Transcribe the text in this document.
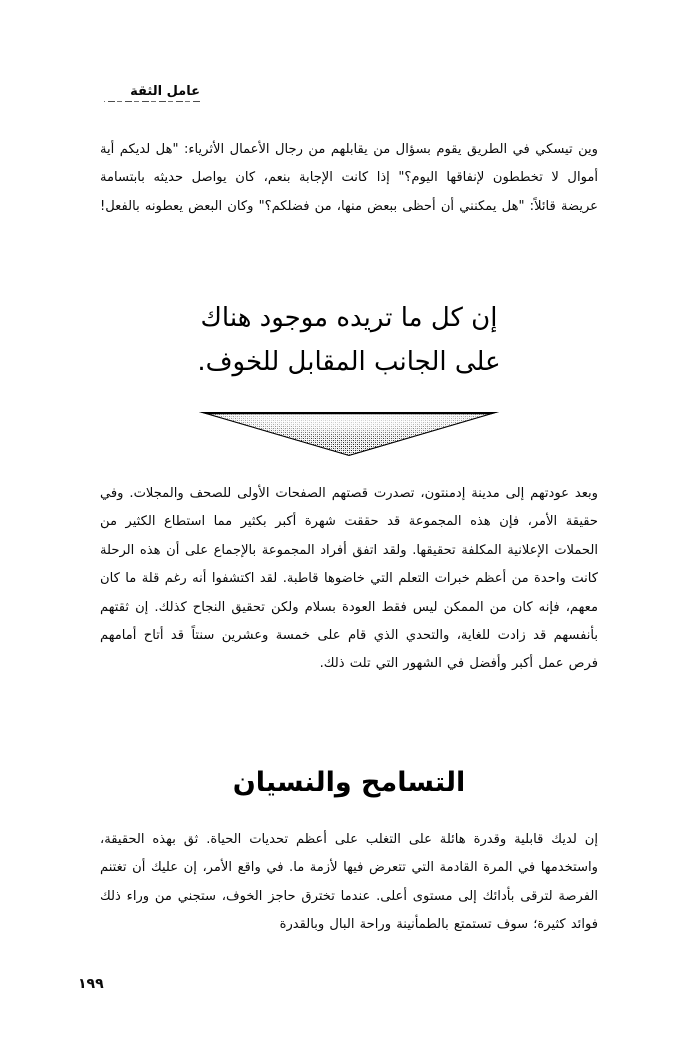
عامل الثقة

وين تيسكي في الطريق يقوم بسؤال من يقابلهم من رجال الأعمال الأثرياء: "هل لديكم أية أموال لا تخططون لإنفاقها اليوم؟" إذا كانت الإجابة بنعم، كان يواصل حديثه بابتسامة عريضة قائلاً: "هل يمكنني أن أحظى ببعض منها، من فضلكم؟" وكان البعض يعطونه بالفعل!

إن كل ما تريده موجود هناك
على الجانب المقابل للخوف.

وبعد عودتهم إلى مدينة إدمنتون، تصدرت قصتهم الصفحات الأولى للصحف والمجلات. وفي حقيقة الأمر، فإن هذه المجموعة قد حققت شهرة أكبر بكثير مما استطاع الكثير من الحملات الإعلانية المكلفة تحقيقها. ولقد اتفق أفراد المجموعة بالإجماع على أن هذه الرحلة كانت واحدة من أعظم خبرات التعلم التي خاضوها قاطبة. لقد اكتشفوا أنه رغم قلة ما كان معهم، فإنه كان من الممكن ليس فقط العودة بسلام ولكن تحقيق النجاح كذلك. إن ثقتهم بأنفسهم قد زادت للغاية، والتحدي الذي قام على خمسة وعشرين سنتاً قد أتاح أمامهم فرص عمل أكبر وأفضل في الشهور التي تلت ذلك.

التسامح والنسيان

إن لديك قابلية وقدرة هائلة على التغلب على أعظم تحديات الحياة. ثق بهذه الحقيقة، واستخدمها في المرة القادمة التي تتعرض فيها لأزمة ما. في واقع الأمر، إن عليك أن تغتنم الفرصة لترقى بأدائك إلى مستوى أعلى. عندما تخترق حاجز الخوف، ستجني من وراء ذلك فوائد كثيرة؛ سوف تستمتع بالطمأنينة وراحة البال وبالقدرة

١٩٩
